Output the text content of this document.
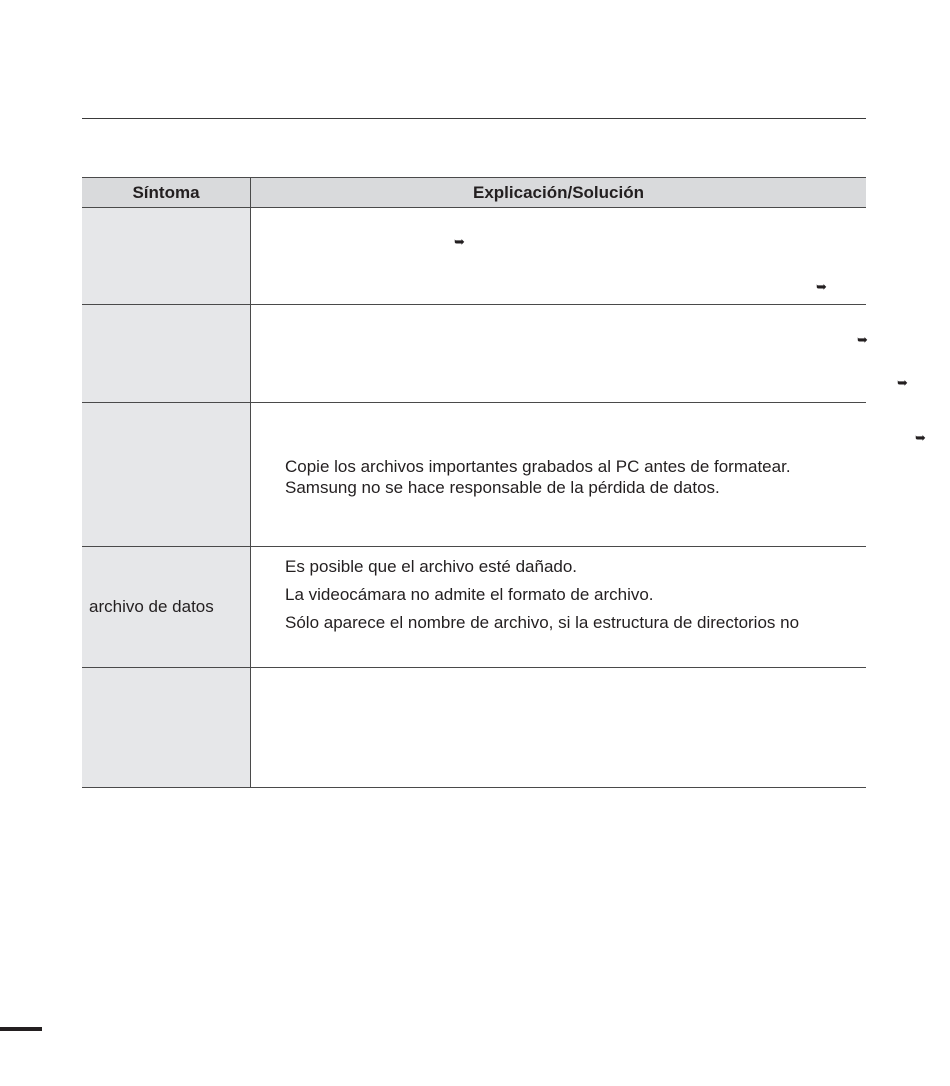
Síntoma	Explicación/Solución

	➥
➥

	➥
➥

	➥
Copie los archivos importantes grabados al PC antes de formatear.
Samsung no se hace responsable de la pérdida de datos.

archivo de datos	Es posible que el archivo esté dañado.
La videocámara no admite el formato de archivo.
Sólo aparece el nombre de archivo, si la estructura de directorios no
